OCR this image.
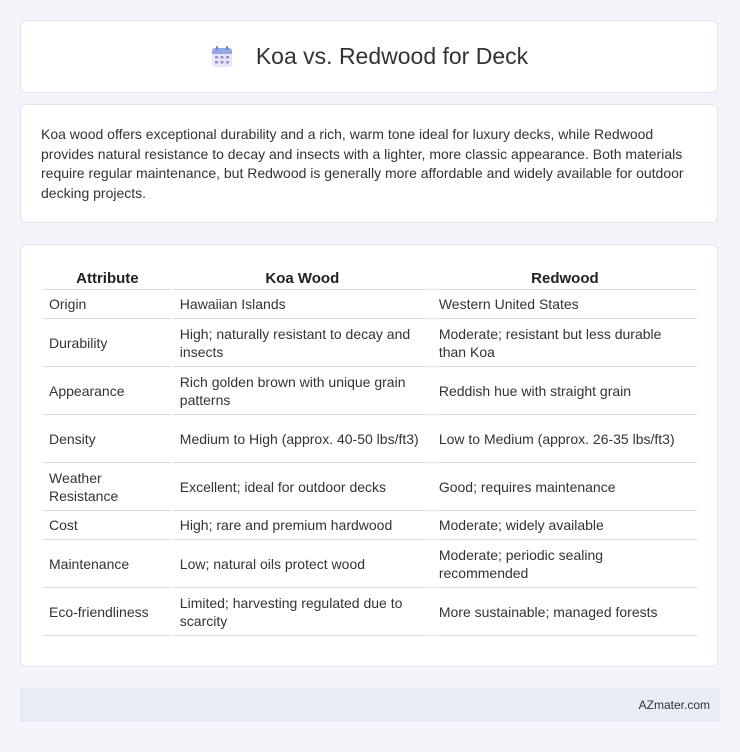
Koa vs. Redwood for Deck

Koa wood offers exceptional durability and a rich, warm tone ideal for luxury decks, while Redwood provides natural resistance to decay and insects with a lighter, more classic appearance. Both materials require regular maintenance, but Redwood is generally more affordable and widely available for outdoor decking projects.

Attribute	Koa Wood	Redwood
Origin	Hawaiian Islands	Western United States
Durability	High; naturally resistant to decay and insects	Moderate; resistant but less durable than Koa
Appearance	Rich golden brown with unique grain patterns	Reddish hue with straight grain
Density	Medium to High (approx. 40-50 lbs/ft3)	Low to Medium (approx. 26-35 lbs/ft3)
Weather Resistance	Excellent; ideal for outdoor decks	Good; requires maintenance
Cost	High; rare and premium hardwood	Moderate; widely available
Maintenance	Low; natural oils protect wood	Moderate; periodic sealing recommended
Eco-friendliness	Limited; harvesting regulated due to scarcity	More sustainable; managed forests
AZmater.com
